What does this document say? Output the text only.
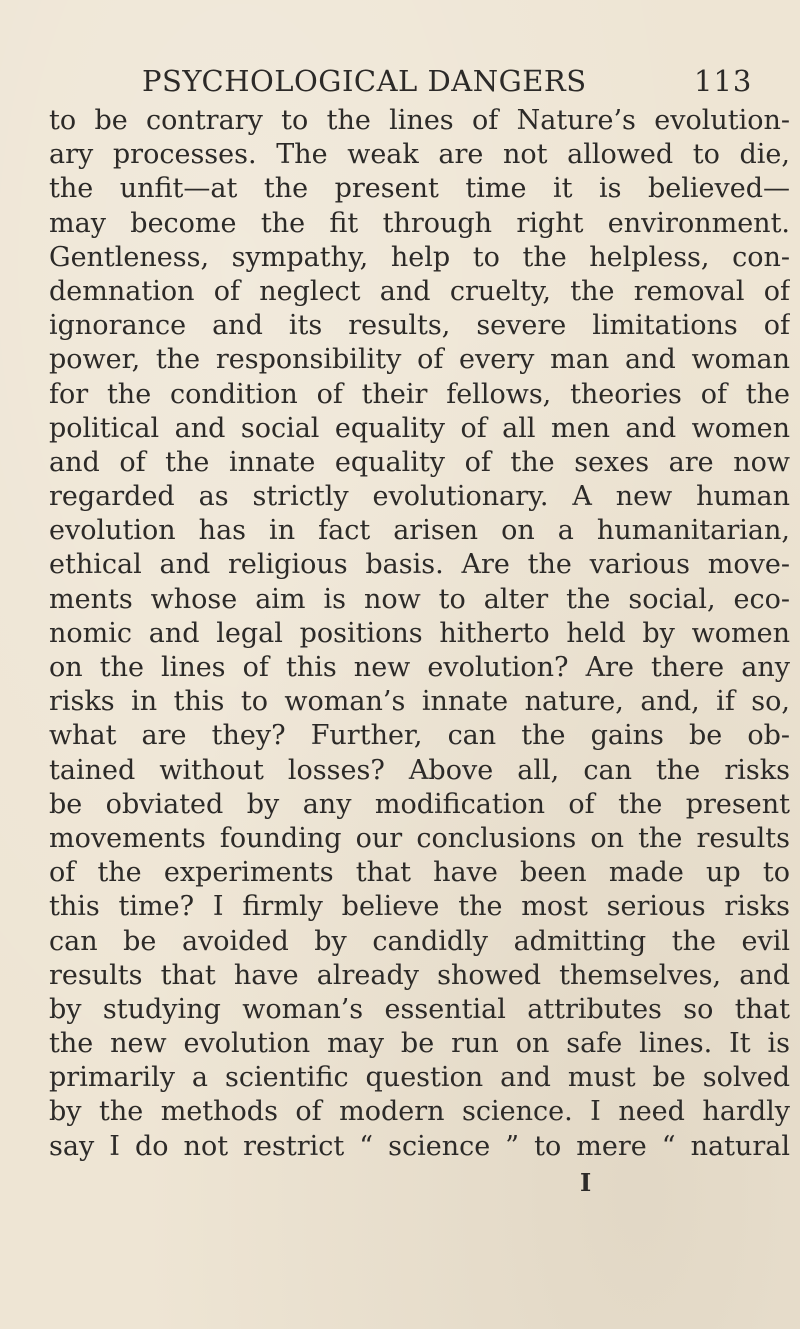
PSYCHOLOGICAL DANGERS	113
to be contrary to the lines of Nature’s evolution-
ary processes. The weak are not allowed to die,
the unfit—at the present time it is believed—
may become the fit through right environment.
Gentleness, sympathy, help to the helpless, con-
demnation of neglect and cruelty, the removal of
ignorance and its results, severe limitations of
power, the responsibility of every man and woman
for the condition of their fellows, theories of the
political and social equality of all men and women
and of the innate equality of the sexes are now
regarded as strictly evolutionary. A new human
evolution has in fact arisen on a humanitarian,
ethical and religious basis. Are the various move-
ments whose aim is now to alter the social, eco-
nomic and legal positions hitherto held by women
on the lines of this new evolution? Are there any
risks in this to woman’s innate nature, and, if so,
what are they? Further, can the gains be ob-
tained without losses? Above all, can the risks
be obviated by any modification of the present
movements founding our conclusions on the results
of the experiments that have been made up to
this time? I firmly believe the most serious risks
can be avoided by candidly admitting the evil
results that have already showed themselves, and
by studying woman’s essential attributes so that
the new evolution may be run on safe lines. It is
primarily a scientific question and must be solved
by the methods of modern science. I need hardly
say I do not restrict “ science ” to mere “ natural
I
